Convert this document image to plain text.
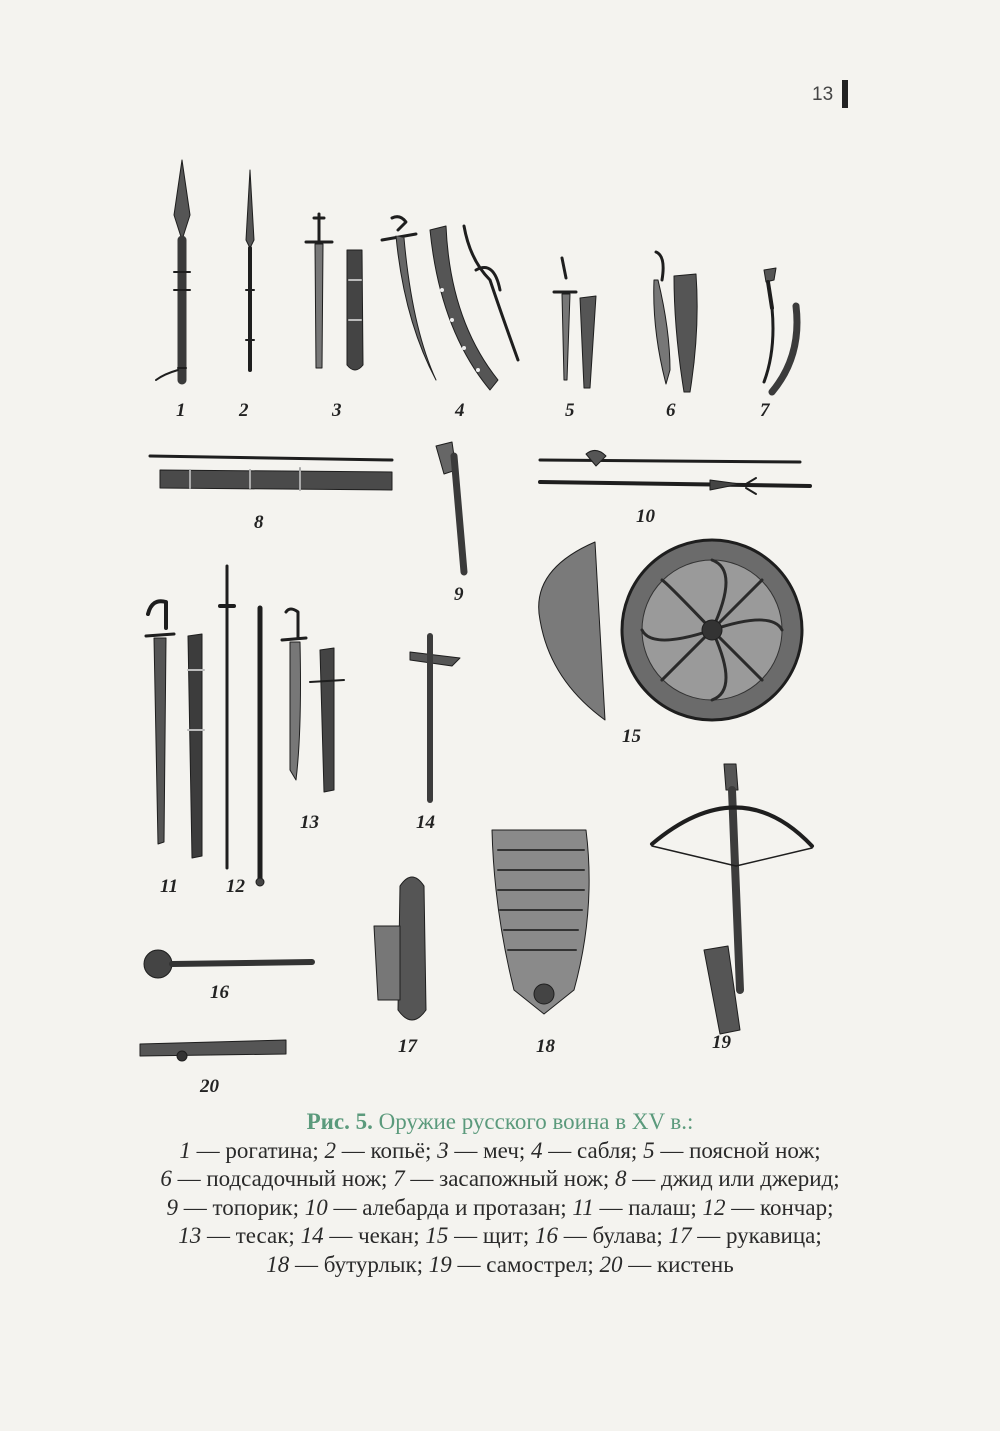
13
1	2	3	4	5	6	7
8
9
10
11	12
13	14
15
16
17	18	19
20
Рис. 5. Оружие русского воина в XV в.:
1 — рогатина; 2 — копьё; 3 — меч; 4 — сабля; 5 — поясной нож;
6 — подсадочный нож; 7 — засапожный нож; 8 — джид или джерид;
9 — топорик; 10 — алебарда и протазан; 11 — палаш; 12 — кончар;
13 — тесак; 14 — чекан; 15 — щит; 16 — булава; 17 — рукавица;
18 — бутурлык; 19 — самострел; 20 — кистень
